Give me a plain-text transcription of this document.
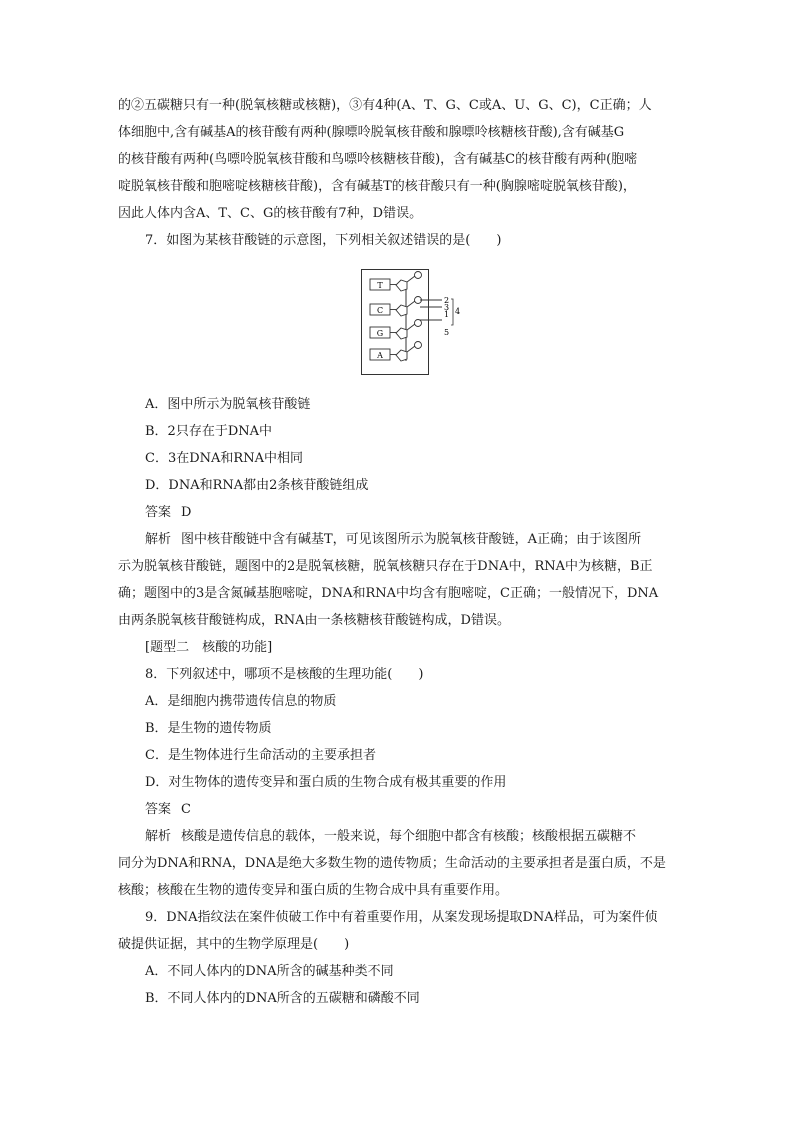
的②五碳糖只有一种(脱氧核糖或核糖)，③有4种(A、T、G、C或A、U、G、C)，C正确；人

体细胞中,含有碱基A的核苷酸有两种(腺嘌呤脱氧核苷酸和腺嘌呤核糖核苷酸),含有碱基G

的核苷酸有两种(鸟嘌呤脱氧核苷酸和鸟嘌呤核糖核苷酸)，含有碱基C的核苷酸有两种(胞嘧

啶脱氧核苷酸和胞嘧啶核糖核苷酸)，含有碱基T的核苷酸只有一种(胸腺嘧啶脱氧核苷酸)，

因此人体内含A、T、C、G的核苷酸有7种，D错误。

7．如图为某核苷酸链的示意图，下列相关叙述错误的是(　　)

T
C
G
A
2
3
1 4
5

A．图中所示为脱氧核苷酸链

B．2只存在于DNA中

C．3在DNA和RNA中相同

D．DNA和RNA都由2条核苷酸链组成

答案 D

解析 图中核苷酸链中含有碱基T，可见该图所示为脱氧核苷酸链，A正确；由于该图所

示为脱氧核苷酸链，题图中的2是脱氧核糖，脱氧核糖只存在于DNA中，RNA中为核糖，B正

确；题图中的3是含氮碱基胞嘧啶，DNA和RNA中均含有胞嘧啶，C正确；一般情况下，DNA

由两条脱氧核苷酸链构成，RNA由一条核糖核苷酸链构成，D错误。

[题型二　核酸的功能]

8．下列叙述中，哪项不是核酸的生理功能(　　)

A．是细胞内携带遗传信息的物质

B．是生物的遗传物质

C．是生物体进行生命活动的主要承担者

D．对生物体的遗传变异和蛋白质的生物合成有极其重要的作用

答案 C

解析 核酸是遗传信息的载体，一般来说，每个细胞中都含有核酸；核酸根据五碳糖不

同分为DNA和RNA，DNA是绝大多数生物的遗传物质；生命活动的主要承担者是蛋白质，不是

核酸；核酸在生物的遗传变异和蛋白质的生物合成中具有重要作用。

9．DNA指纹法在案件侦破工作中有着重要作用，从案发现场提取DNA样品，可为案件侦

破提供证据，其中的生物学原理是(　　)

A．不同人体内的DNA所含的碱基种类不同

B．不同人体内的DNA所含的五碳糖和磷酸不同
